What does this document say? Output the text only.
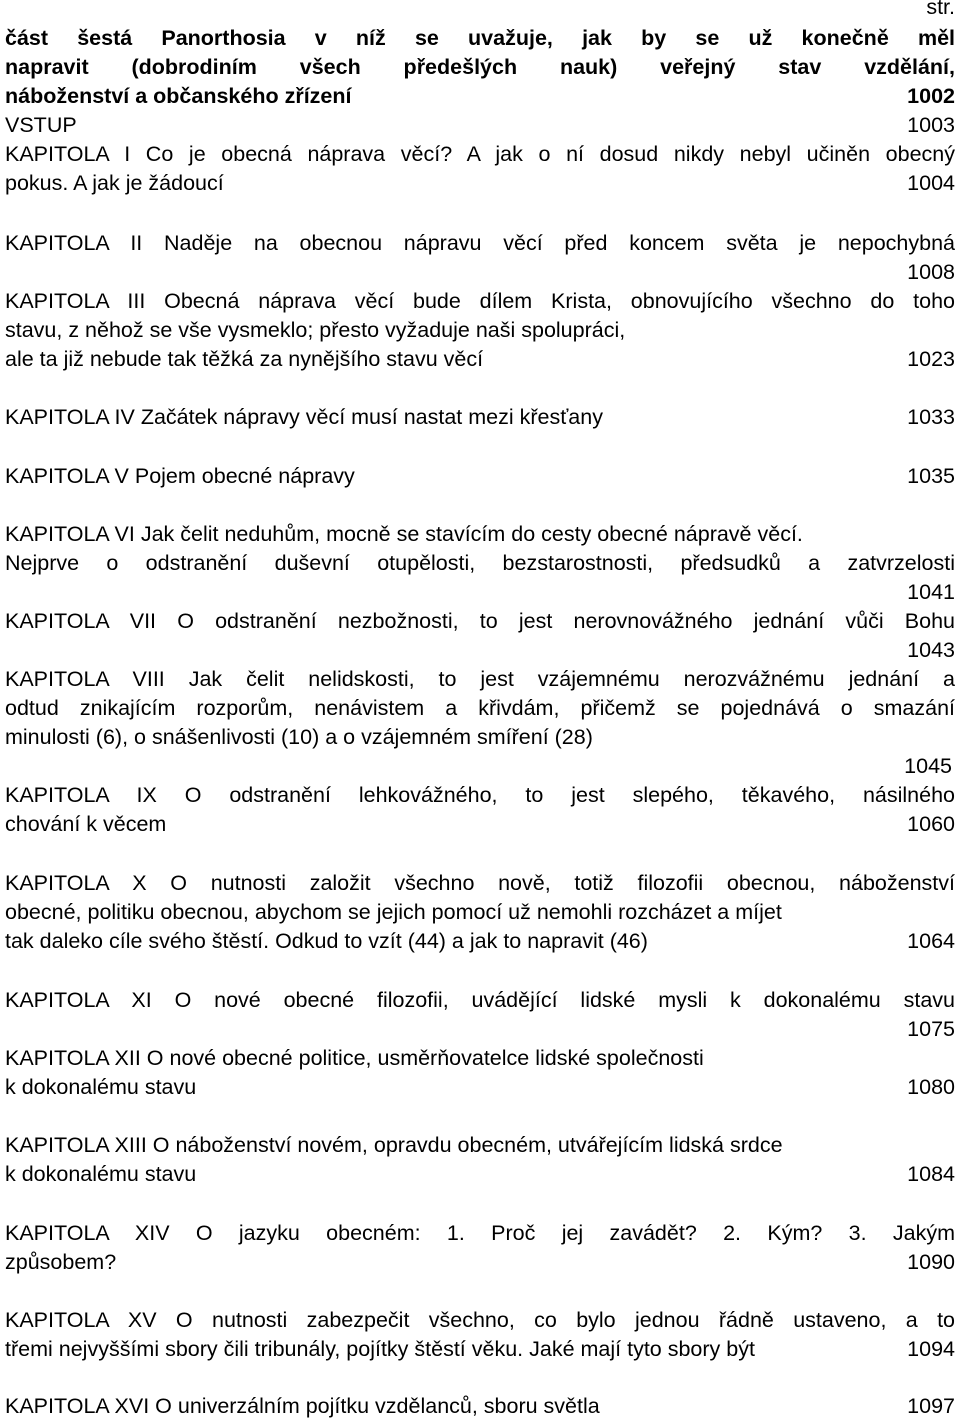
str.
část šestá Panorthosia v níž se uvažuje, jak by se už konečně měl
napravit (dobrodiním všech předešlých nauk) veřejný stav vzdělání,
náboženství a občanského zřízení	1002
VSTUP	1003
KAPITOLA I Co je obecná náprava věcí? A jak o ní dosud nikdy nebyl učiněn obecný
pokus. A jak je žádoucí	1004
KAPITOLA II Naděje na obecnou nápravu věcí před koncem světa je nepochybná
1008
KAPITOLA III Obecná náprava věcí bude dílem Krista, obnovujícího všechno do toho
stavu, z něhož se vše vysmeklo; přesto vyžaduje naši spolupráci,
ale ta již nebude tak těžká za nynějšího stavu věcí	1023
KAPITOLA IV Začátek nápravy věcí musí nastat mezi křesťany	1033
KAPITOLA V Pojem obecné nápravy	1035
KAPITOLA VI Jak čelit neduhům, mocně se stavícím do cesty obecné nápravě věcí.
Nejprve o odstranění duševní otupělosti, bezstarostnosti, předsudků a zatvrzelosti
1041
KAPITOLA VII O odstranění nezbožnosti, to jest nerovnovážného jednání vůči Bohu
1043
KAPITOLA VIII Jak čelit nelidskosti, to jest vzájemnému nerozvážnému jednání a
odtud znikajícím rozporům, nenávistem a křivdám, přičemž se pojednává o smazání
minulosti (6), o snášenlivosti (10) a o vzájemném smíření (28)
1045
KAPITOLA IX O odstranění lehkovážného, to jest slepého, těkavého, násilného
chování k věcem	1060
KAPITOLA X O nutnosti založit všechno nově, totiž filozofii obecnou, náboženství
obecné, politiku obecnou, abychom se jejich pomocí už nemohli rozcházet a míjet
tak daleko cíle svého štěstí. Odkud to vzít (44) a jak to napravit (46)	1064
KAPITOLA XI O nové obecné filozofii, uvádějící lidské mysli k dokonalému stavu
1075
KAPITOLA XII O nové obecné politice, usměrňovatelce lidské společnosti
k dokonalému stavu	1080
KAPITOLA XIII O náboženství novém, opravdu obecném, utvářejícím lidská srdce
k dokonalému stavu	1084
KAPITOLA XIV O jazyku obecném: 1. Proč jej zavádět? 2. Kým? 3. Jakým
způsobem?	1090
KAPITOLA XV O nutnosti zabezpečit všechno, co bylo jednou řádně ustaveno, a to
třemi nejvyššími sbory čili tribunály, pojítky štěstí věku. Jaké mají tyto sbory být	1094
KAPITOLA XVI O univerzálním pojítku vzdělanců, sboru světla	1097
